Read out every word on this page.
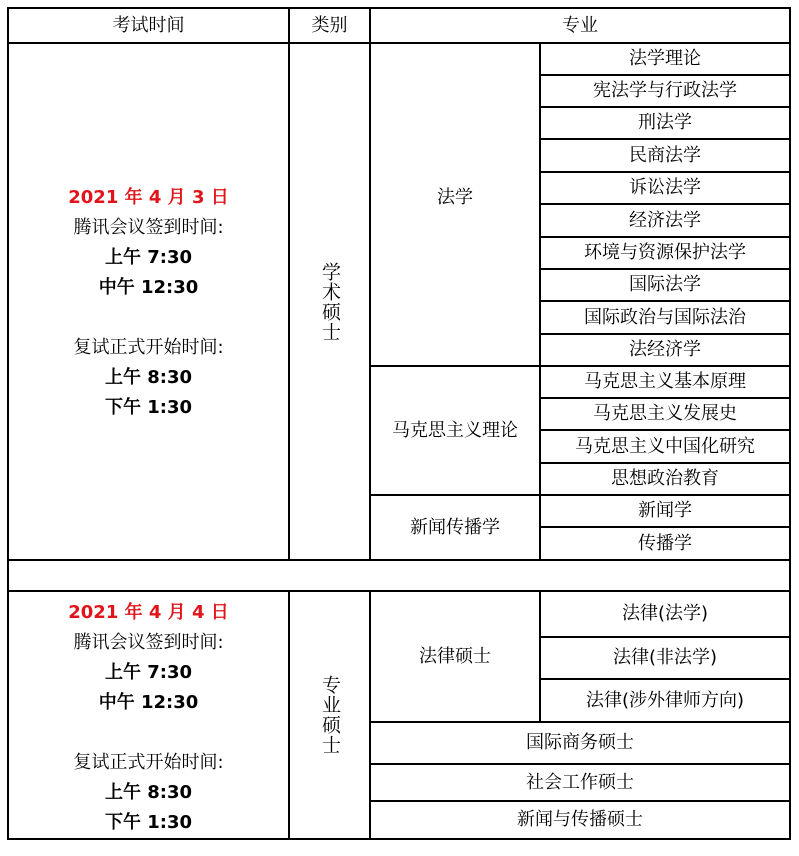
考试时间	类别	专业
2021 年 4 月 3 日
腾讯会议签到时间:
上午 7:30
中午 12:30
复试正式开始时间:
上午 8:30
下午 1:30
学术硕士
法学
马克思主义理论
新闻传播学
法学理论
宪法学与行政法学
刑法学
民商法学
诉讼法学
经济法学
环境与资源保护法学
国际法学
国际政治与国际法治
法经济学
马克思主义基本原理
马克思主义发展史
马克思主义中国化研究
思想政治教育
新闻学
传播学
2021 年 4 月 4 日
腾讯会议签到时间:
上午 7:30
中午 12:30
复试正式开始时间:
上午 8:30
下午 1:30
专业硕士
法律硕士
法律(法学)
法律(非法学)
法律(涉外律师方向)
国际商务硕士
社会工作硕士
新闻与传播硕士
